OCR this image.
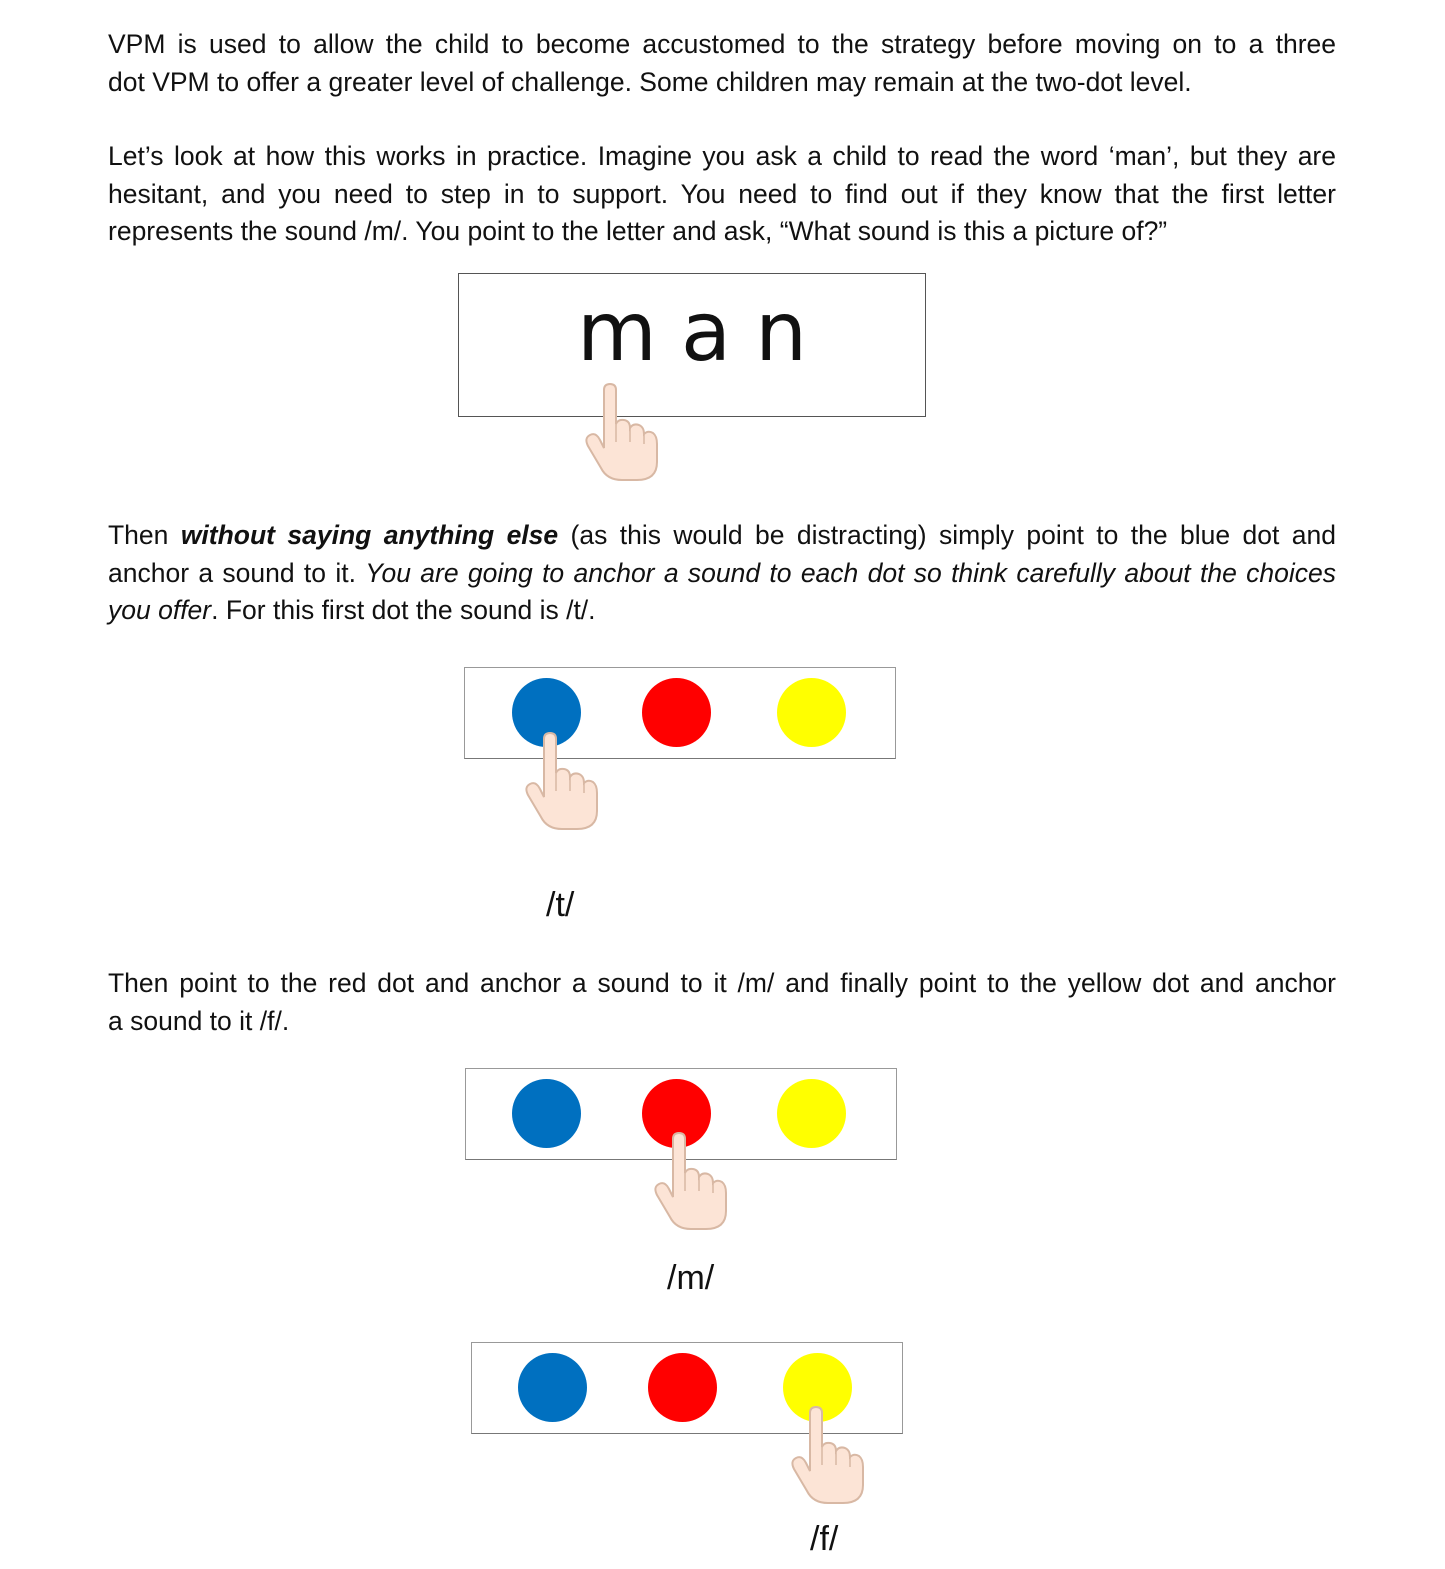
VPM is used to allow the child to become accustomed to the strategy before moving on to a three
dot VPM to offer a greater level of challenge. Some children may remain at the two-dot level.

Let’s look at how this works in practice. Imagine you ask a child to read the word ‘man’, but they are
hesitant, and you need to step in to support. You need to find out if they know that the first letter
represents the sound /m/. You point to the letter and ask, “What sound is this a picture of?”

man

Then without saying anything else (as this would be distracting) simply point to the blue dot and
anchor a sound to it. You are going to anchor a sound to each dot so think carefully about the choices
you offer. For this first dot the sound is /t/.

/t/

Then point to the red dot and anchor a sound to it /m/ and finally point to the yellow dot and anchor
a sound to it /f/.

/m/
/f/
